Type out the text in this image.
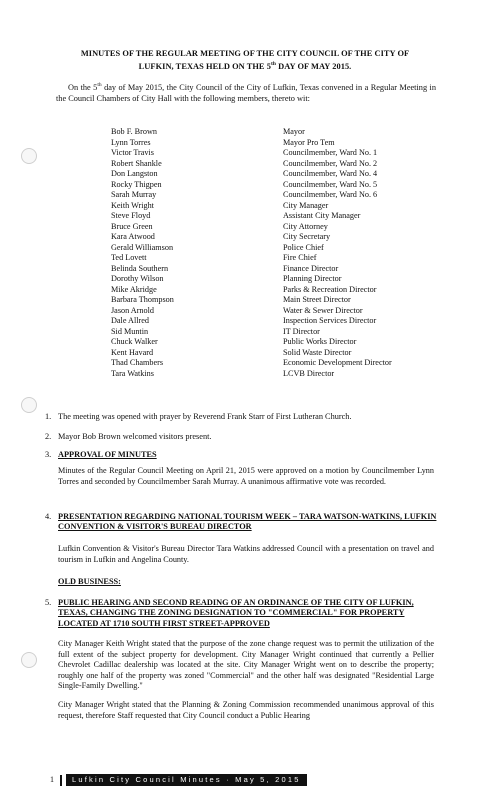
MINUTES OF THE REGULAR MEETING OF THE CITY COUNCIL OF THE CITY OF
LUFKIN, TEXAS HELD ON THE 5th DAY OF MAY 2015.
On the 5th day of May 2015, the City Council of the City of Lufkin, Texas convened in a Regular Meeting in the Council Chambers of City Hall with the following members, thereto wit:
Bob F. Brown	Mayor
Lynn Torres	Mayor Pro Tem
Victor Travis	Councilmember, Ward No. 1
Robert Shankle	Councilmember, Ward No. 2
Don Langston	Councilmember, Ward No. 4
Rocky Thigpen	Councilmember, Ward No. 5
Sarah Murray	Councilmember, Ward No. 6
Keith Wright	City Manager
Steve Floyd	Assistant City Manager
Bruce Green	City Attorney
Kara Atwood	City Secretary
Gerald Williamson	Police Chief
Ted Lovett	Fire Chief
Belinda Southern	Finance Director
Dorothy Wilson	Planning Director
Mike Akridge	Parks & Recreation Director
Barbara Thompson	Main Street Director
Jason Arnold	Water & Sewer Director
Dale Allred	Inspection Services Director
Sid Muntin	IT Director
Chuck Walker	Public Works Director
Kent Havard	Solid Waste Director
Thad Chambers	Economic Development Director
Tara Watkins	LCVB Director
1. The meeting was opened with prayer by Reverend Frank Starr of First Lutheran Church.
2. Mayor Bob Brown welcomed visitors present.
3. APPROVAL OF MINUTES
Minutes of the Regular Council Meeting on April 21, 2015 were approved on a motion by Councilmember Lynn Torres and seconded by Councilmember Sarah Murray. A unanimous affirmative vote was recorded.
4. PRESENTATION REGARDING NATIONAL TOURISM WEEK – TARA WATSON-WATKINS, LUFKIN CONVENTION & VISITOR'S BUREAU DIRECTOR
Lufkin Convention & Visitor's Bureau Director Tara Watkins addressed Council with a presentation on travel and tourism in Lufkin and Angelina County.
OLD BUSINESS:
5. PUBLIC HEARING AND SECOND READING OF AN ORDINANCE OF THE CITY OF LUFKIN, TEXAS, CHANGING THE ZONING DESIGNATION TO "COMMERCIAL" FOR PROPERTY LOCATED AT 1710 SOUTH FIRST STREET-APPROVED
City Manager Keith Wright stated that the purpose of the zone change request was to permit the utilization of the full extent of the subject property for development. City Manager Wright continued that currently a Pellier Chevrolet Cadillac dealership was located at the site. City Manager Wright went on to describe the property; roughly one half of the property was zoned "Commercial" and the other half was designated "Residential Large Single-Family Dwelling."
City Manager Wright stated that the Planning & Zoning Commission recommended unanimous approval of this request, therefore Staff requested that City Council conduct a Public Hearing
1	Lufkin City Council Minutes · May 5, 2015
